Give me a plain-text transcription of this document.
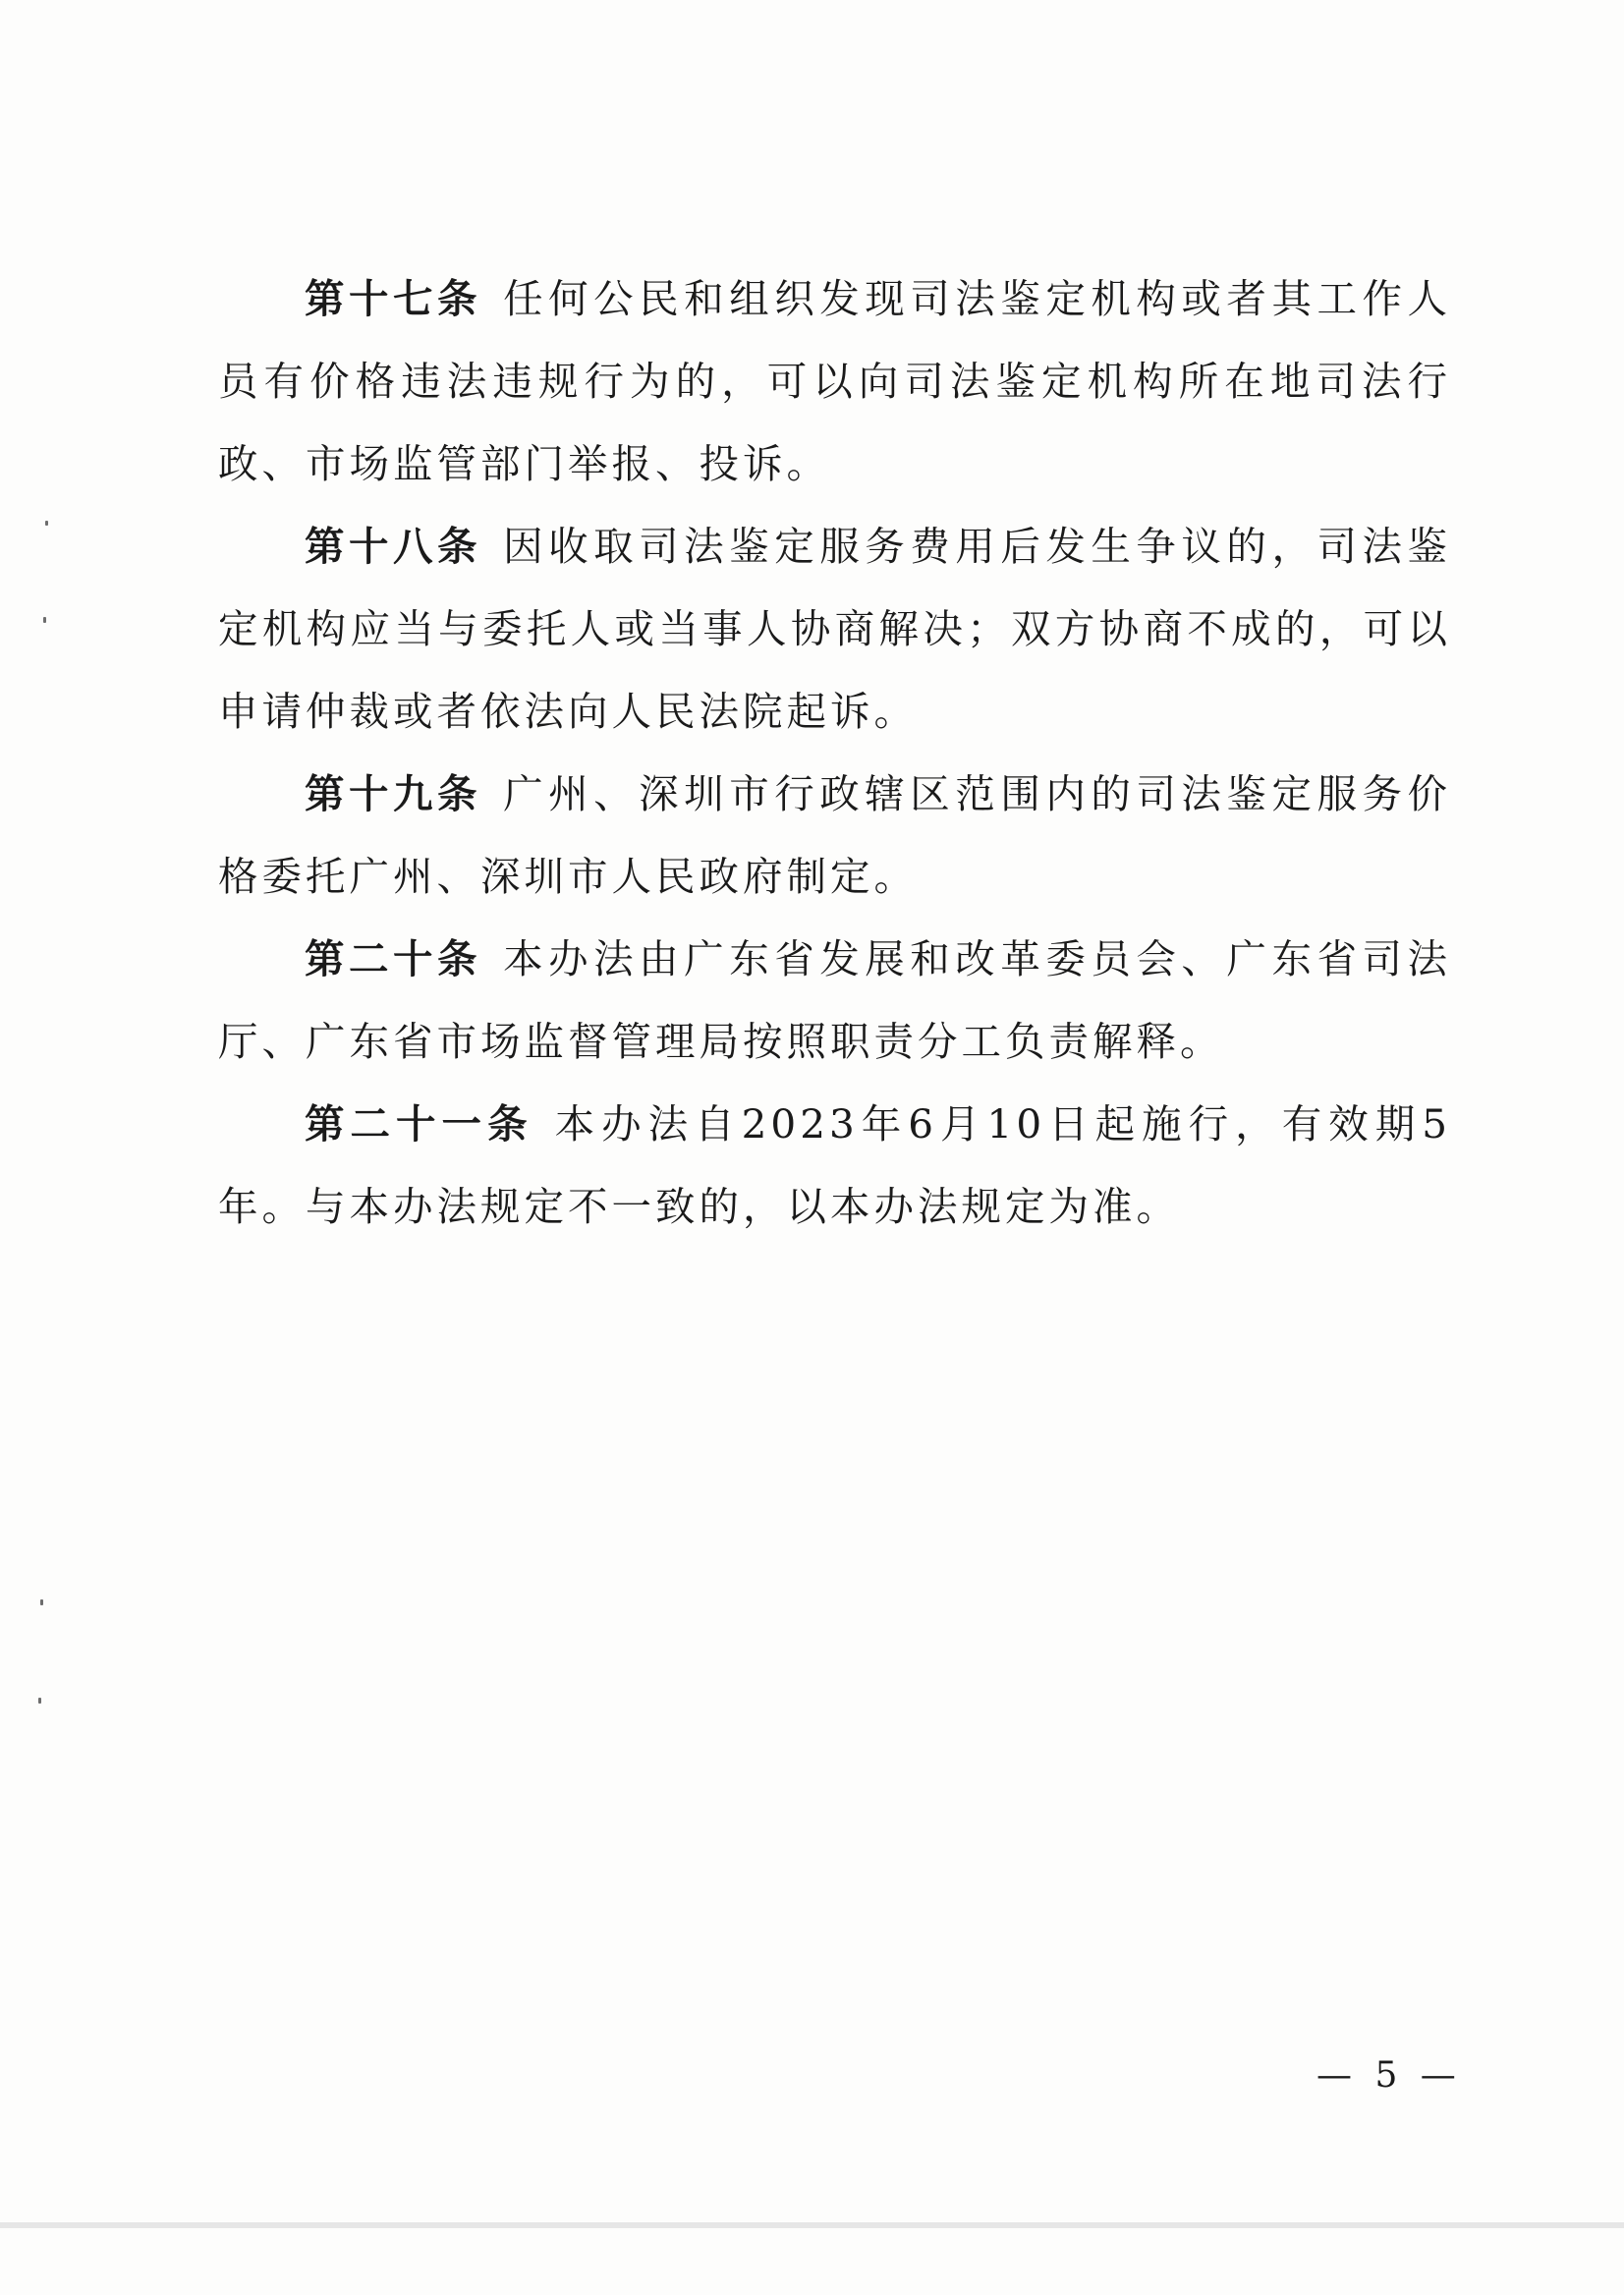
第十七条 任何公民和组织发现司法鉴定机构或者其工作人员有价格违法违规行为的，可以向司法鉴定机构所在地司法行政、市场监管部门举报、投诉。

第十八条 因收取司法鉴定服务费用后发生争议的，司法鉴定机构应当与委托人或当事人协商解决；双方协商不成的，可以申请仲裁或者依法向人民法院起诉。

第十九条 广州、深圳市行政辖区范围内的司法鉴定服务价格委托广州、深圳市人民政府制定。

第二十条 本办法由广东省发展和改革委员会、广东省司法厅、广东省市场监督管理局按照职责分工负责解释。

第二十一条 本办法自2023年6月10日起施行，有效期5年。与本办法规定不一致的，以本办法规定为准。

— 5 —
